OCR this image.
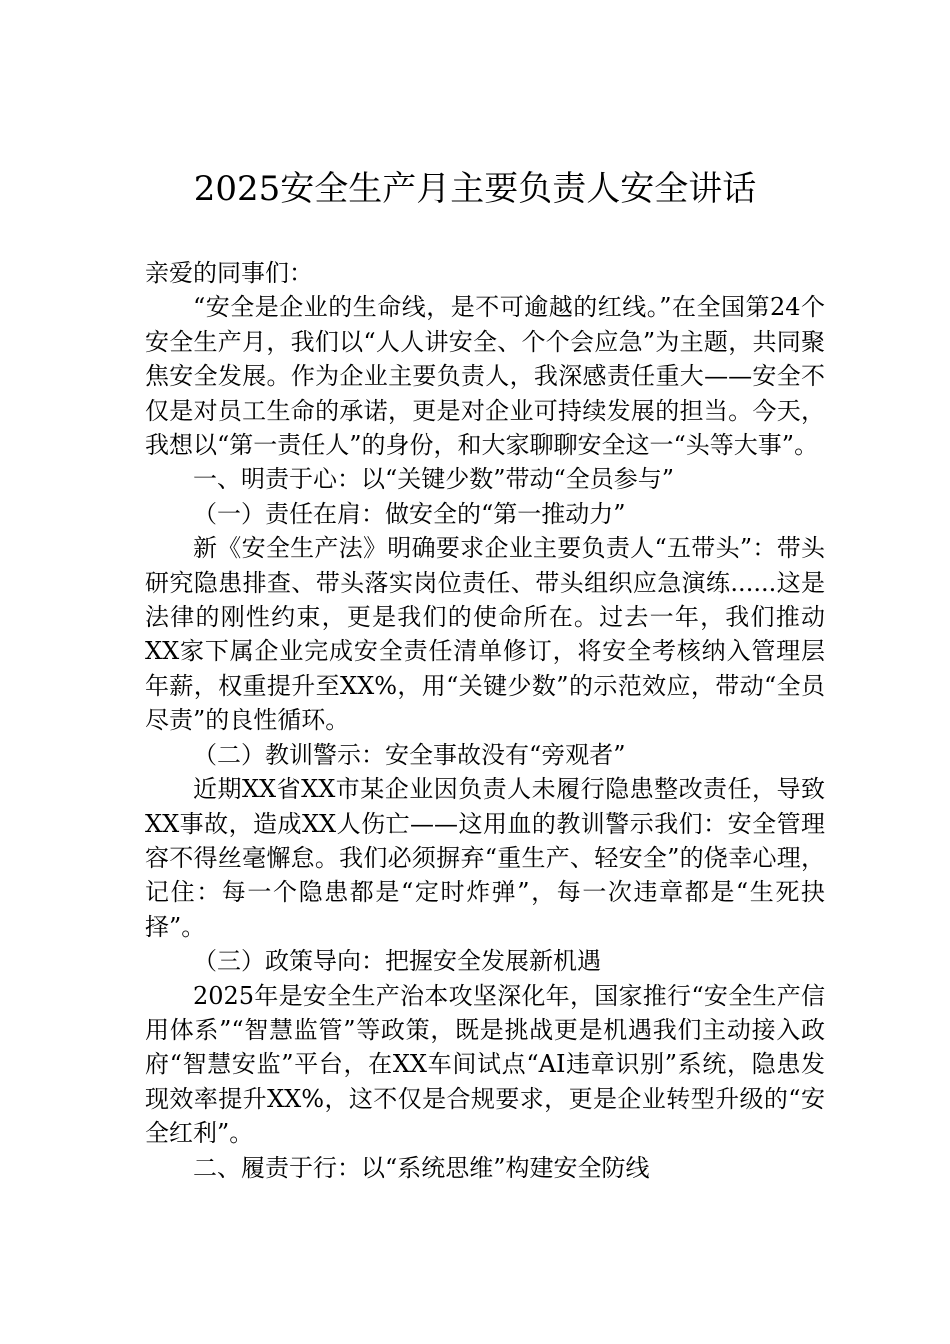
2025安全生产月主要负责人安全讲话

亲爱的同事们：

“安全是企业的生命线，是不可逾越的红线。”在全国第24个安全生产月，我们以“人人讲安全、个个会应急”为主题，共同聚焦安全发展。作为企业主要负责人，我深感责任重大——安全不仅是对员工生命的承诺，更是对企业可持续发展的担当。今天，我想以“第一责任人”的身份，和大家聊聊安全这一“头等大事”。

一、明责于心：以“关键少数”带动“全员参与”

（一）责任在肩：做安全的“第一推动力”

新《安全生产法》明确要求企业主要负责人“五带头”：带头研究隐患排查、带头落实岗位责任、带头组织应急演练......这是法律的刚性约束，更是我们的使命所在。过去一年，我们推动XX家下属企业完成安全责任清单修订，将安全考核纳入管理层年薪，权重提升至XX%，用“关键少数”的示范效应，带动“全员尽责”的良性循环。

（二）教训警示：安全事故没有“旁观者”

近期XX省XX市某企业因负责人未履行隐患整改责任，导致XX事故，造成XX人伤亡——这用血的教训警示我们：安全管理容不得丝毫懈怠。我们必须摒弃“重生产、轻安全”的侥幸心理，记住：每一个隐患都是“定时炸弹”，每一次违章都是“生死抉择”。

（三）政策导向：把握安全发展新机遇

2025年是安全生产治本攻坚深化年，国家推行“安全生产信用体系”“智慧监管”等政策，既是挑战更是机遇我们主动接入政府“智慧安监”平台，在XX车间试点“AI违章识别”系统，隐患发现效率提升XX%，这不仅是合规要求，更是企业转型升级的“安全红利”。

二、履责于行：以“系统思维”构建安全防线
